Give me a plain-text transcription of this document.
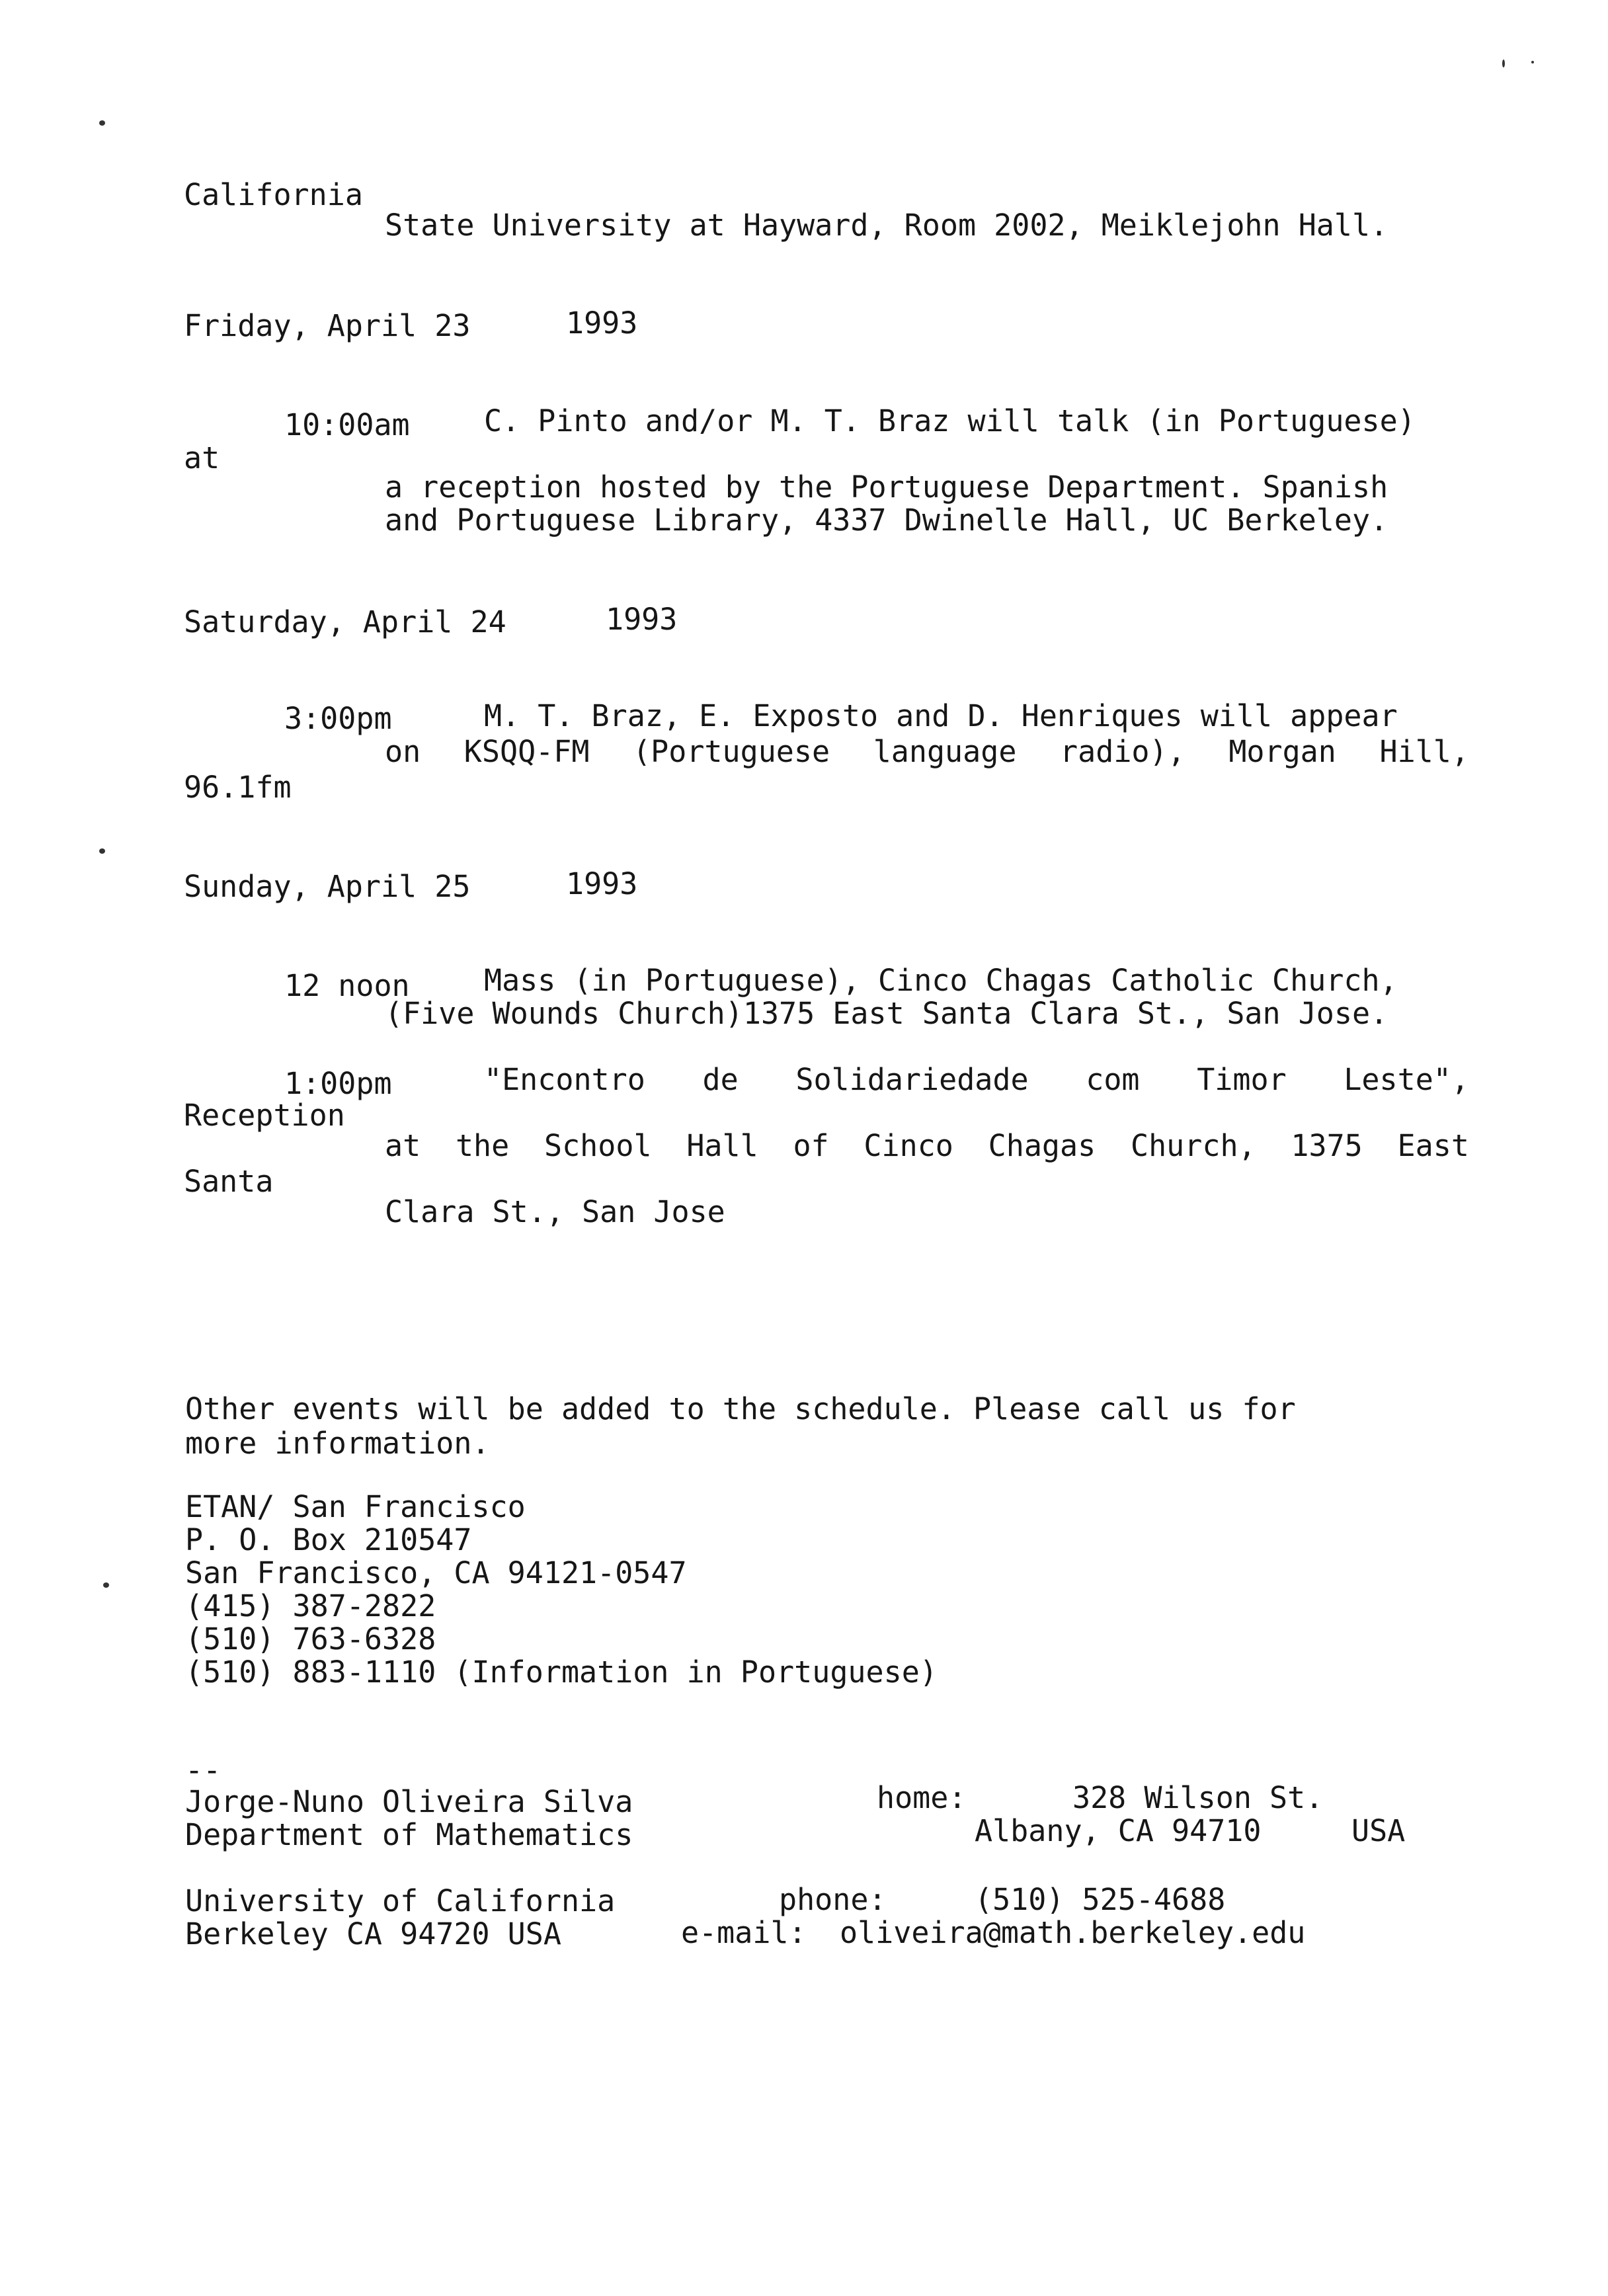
California
State University at Hayward, Room 2002, Meiklejohn Hall.
Friday, April 23	1993
10:00am C. Pinto and/or M. T. Braz will talk (in Portuguese)
at
a reception hosted by the Portuguese Department. Spanish
and Portuguese Library, 4337 Dwinelle Hall, UC Berkeley.
Saturday, April 24	1993
3:00pm	M. T. Braz, E. Exposto and D. Henriques will appear
on KSQQ-FM (Portuguese language radio), Morgan Hill,
96.1fm
Sunday, April 25	1993
12 noon Mass (in Portuguese), Cinco Chagas Catholic Church,
(Five Wounds Church)1375 East Santa Clara St., San Jose.
1:00pm	"Encontro de Solidariedade com Timor Leste",
Reception
at the School Hall of Cinco Chagas Church, 1375 East
Santa
Clara St., San Jose
Other events will be added to the schedule. Please call us for
more information.
ETAN/ San Francisco
P. O. Box 210547
San Francisco, CA 94121-0547
(415) 387-2822
(510) 763-6328
(510) 883-1110 (Information in Portuguese)
--
Jorge-Nuno Oliveira Silva	home:	328 Wilson St.
Department of Mathematics	Albany, CA 94710	USA
University of California	phone:	(510) 525-4688
Berkeley CA 94720 USA	e-mail: oliveira@math.berkeley.edu
